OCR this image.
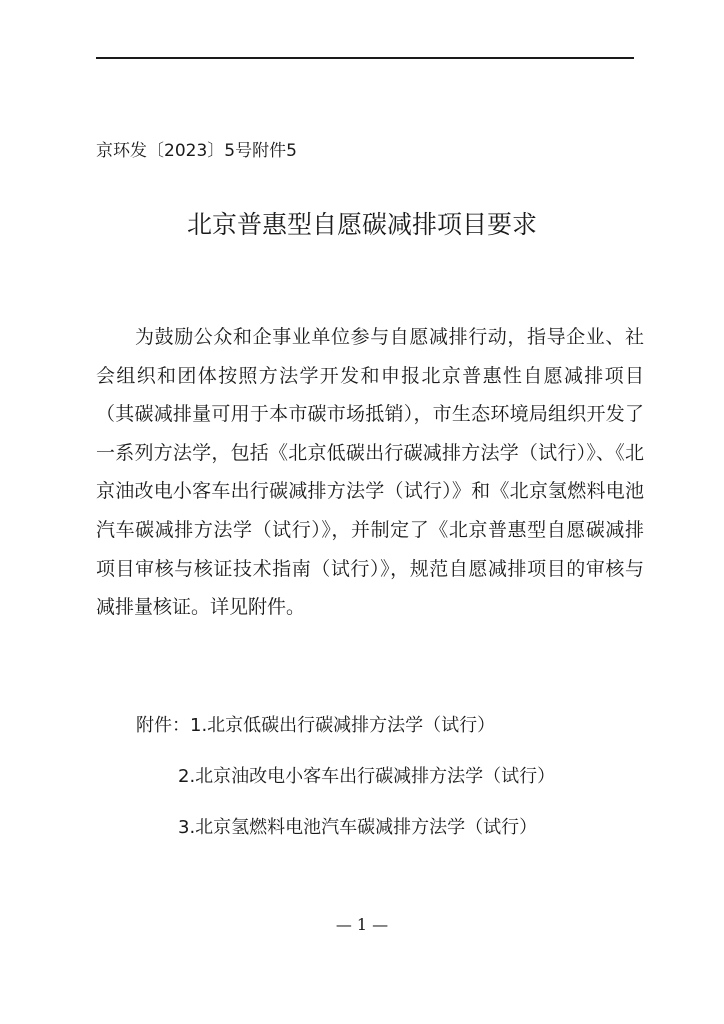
京环发〔2023〕5号附件5
北京普惠型自愿碳减排项目要求

为鼓励公众和企事业单位参与自愿减排行动，指导企业、社会组织和团体按照方法学开发和申报北京普惠性自愿减排项目（其碳减排量可用于本市碳市场抵销），市生态环境局组织开发了一系列方法学，包括《北京低碳出行碳减排方法学（试行）》、《北京油改电小客车出行碳减排方法学（试行）》和《北京氢燃料电池汽车碳减排方法学（试行）》，并制定了《北京普惠型自愿碳减排项目审核与核证技术指南（试行）》，规范自愿减排项目的审核与减排量核证。详见附件。

附件：1.北京低碳出行碳减排方法学（试行）
2.北京油改电小客车出行碳减排方法学（试行）
3.北京氢燃料电池汽车碳减排方法学（试行）
— 1 —
